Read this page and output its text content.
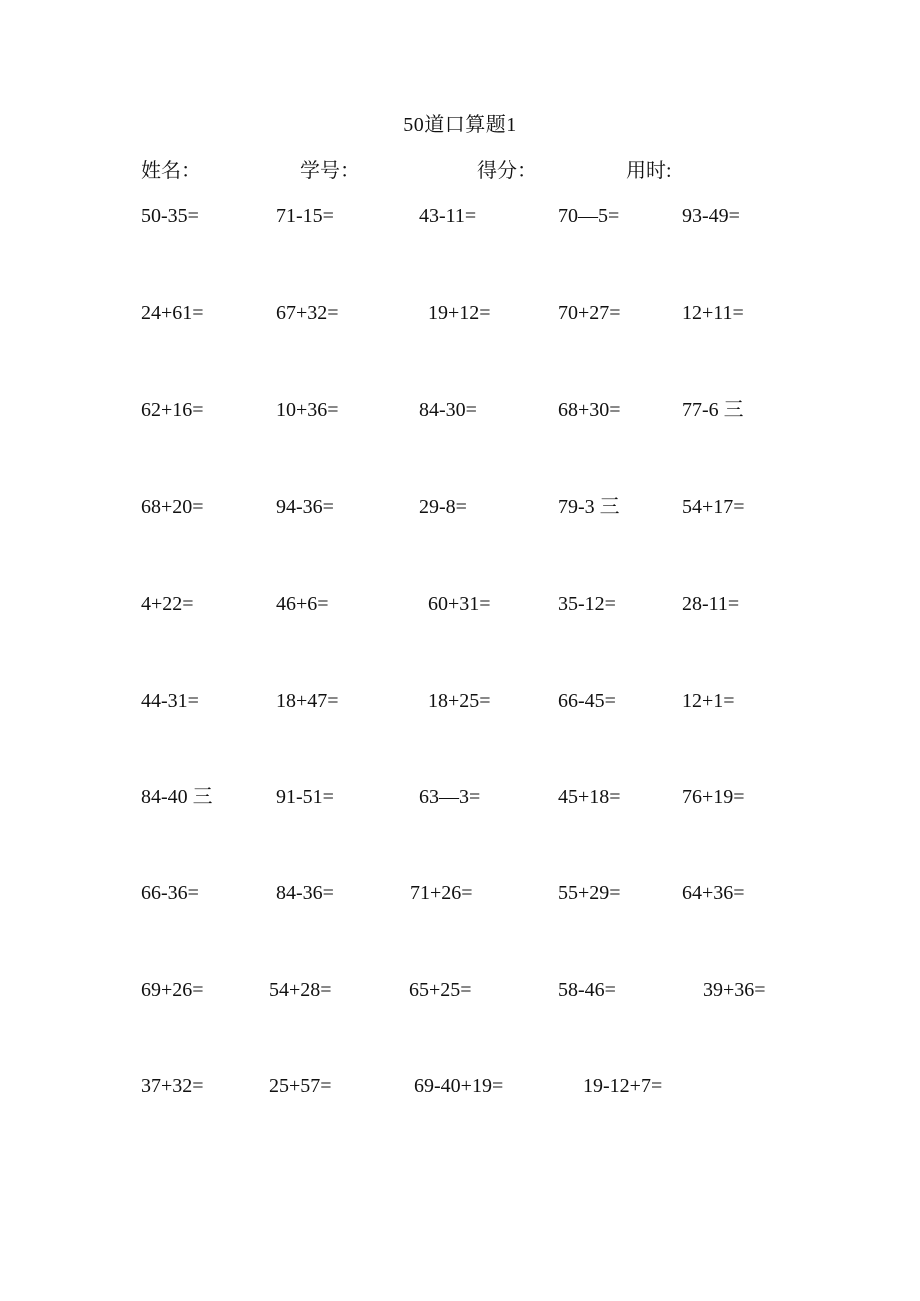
50道口算题1
姓名：	学号：	得分：	用时:
50-35=	71-15=	43-11=	70—5=	93-49=
24+61=	67+32=	19+12=	70+27=	12+11=
62+16=	10+36=	84-30=	68+30=	77-6 三
68+20=	94-36=	29-8=	79-3 三	54+17=
4+22=	46+6=	60+31=	35-12=	28-11=
44-31=	18+47=	18+25=	66-45=	12+1=
84-40 三	91-51=	63—3=	45+18=	76+19=
66-36=	84-36=	71+26=	55+29=	64+36=
69+26=	54+28=	65+25=	58-46=	39+36=
37+32=	25+57=	69-40+19=	19-12+7=
